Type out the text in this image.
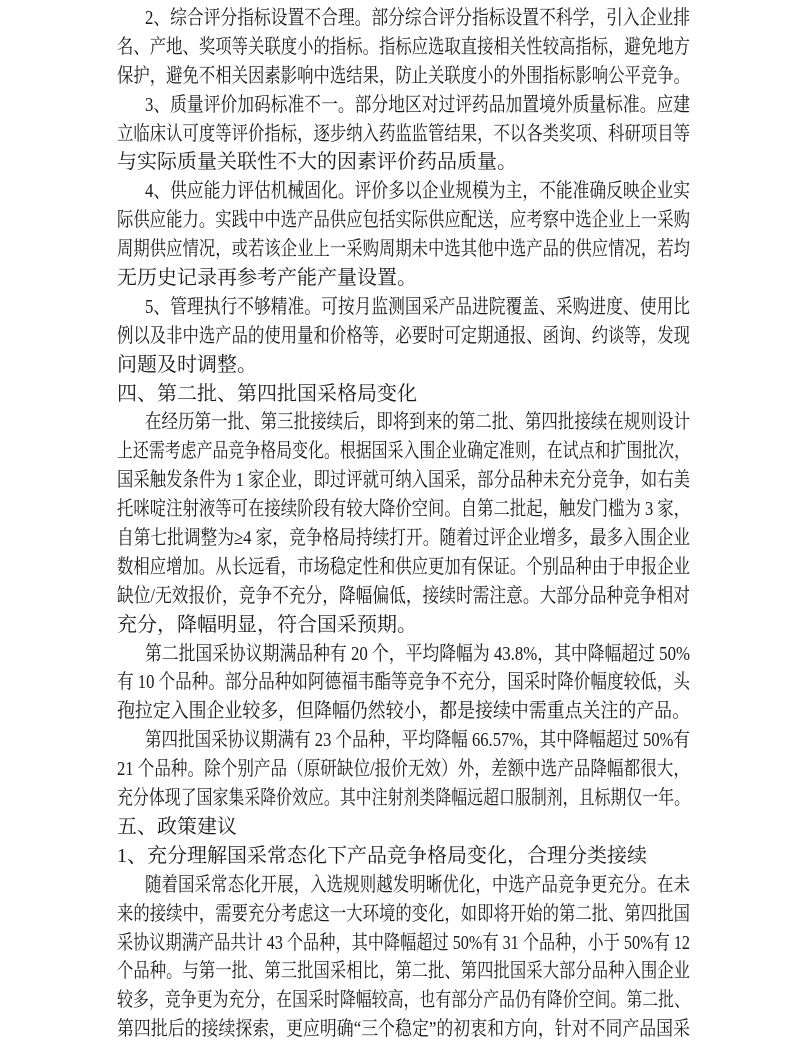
2、综合评分指标设置不合理。部分综合评分指标设置不科学，引入企业排
名、产地、奖项等关联度小的指标。指标应选取直接相关性较高指标，避免地方
保护，避免不相关因素影响中选结果，防止关联度小的外围指标影响公平竞争。
3、质量评价加码标准不一。部分地区对过评药品加置境外质量标准。应建
立临床认可度等评价指标，逐步纳入药监监管结果，不以各类奖项、科研项目等
与实际质量关联性不大的因素评价药品质量。
4、供应能力评估机械固化。评价多以企业规模为主，不能准确反映企业实
际供应能力。实践中中选产品供应包括实际供应配送，应考察中选企业上一采购
周期供应情况，或若该企业上一采购周期未中选其他中选产品的供应情况，若均
无历史记录再参考产能产量设置。
5、管理执行不够精准。可按月监测国采产品进院覆盖、采购进度、使用比
例以及非中选产品的使用量和价格等，必要时可定期通报、函询、约谈等，发现
问题及时调整。
四、第二批、第四批国采格局变化
在经历第一批、第三批接续后，即将到来的第二批、第四批接续在规则设计
上还需考虑产品竞争格局变化。根据国采入围企业确定准则，在试点和扩围批次，
国采触发条件为 1 家企业，即过评就可纳入国采，部分品种未充分竞争，如右美
托咪啶注射液等可在接续阶段有较大降价空间。自第二批起，触发门槛为 3 家，
自第七批调整为≥4 家，竞争格局持续打开。随着过评企业增多，最多入围企业
数相应增加。从长远看，市场稳定性和供应更加有保证。个别品种由于申报企业
缺位/无效报价，竞争不充分，降幅偏低，接续时需注意。大部分品种竞争相对
充分，降幅明显，符合国采预期。
第二批国采协议期满品种有 20 个，平均降幅为 43.8%，其中降幅超过 50%
有 10 个品种。部分品种如阿德福韦酯等竞争不充分，国采时降价幅度较低，头
孢拉定入围企业较多，但降幅仍然较小，都是接续中需重点关注的产品。
第四批国采协议期满有 23 个品种，平均降幅 66.57%，其中降幅超过 50%有
21 个品种。除个别产品（原研缺位/报价无效）外，差额中选产品降幅都很大，
充分体现了国家集采降价效应。其中注射剂类降幅远超口服制剂，且标期仅一年。
五、政策建议
1、充分理解国采常态化下产品竞争格局变化，合理分类接续
随着国采常态化开展，入选规则越发明晰优化，中选产品竞争更充分。在未
来的接续中，需要充分考虑这一大环境的变化，如即将开始的第二批、第四批国
采协议期满产品共计 43 个品种，其中降幅超过 50%有 31 个品种，小于 50%有 12
个品种。与第一批、第三批国采相比，第二批、第四批国采大部分品种入围企业
较多，竞争更为充分，在国采时降幅较高，也有部分产品仍有降价空间。第二批、
第四批后的接续探索，更应明确“三个稳定”的初衷和方向，针对不同产品国采
